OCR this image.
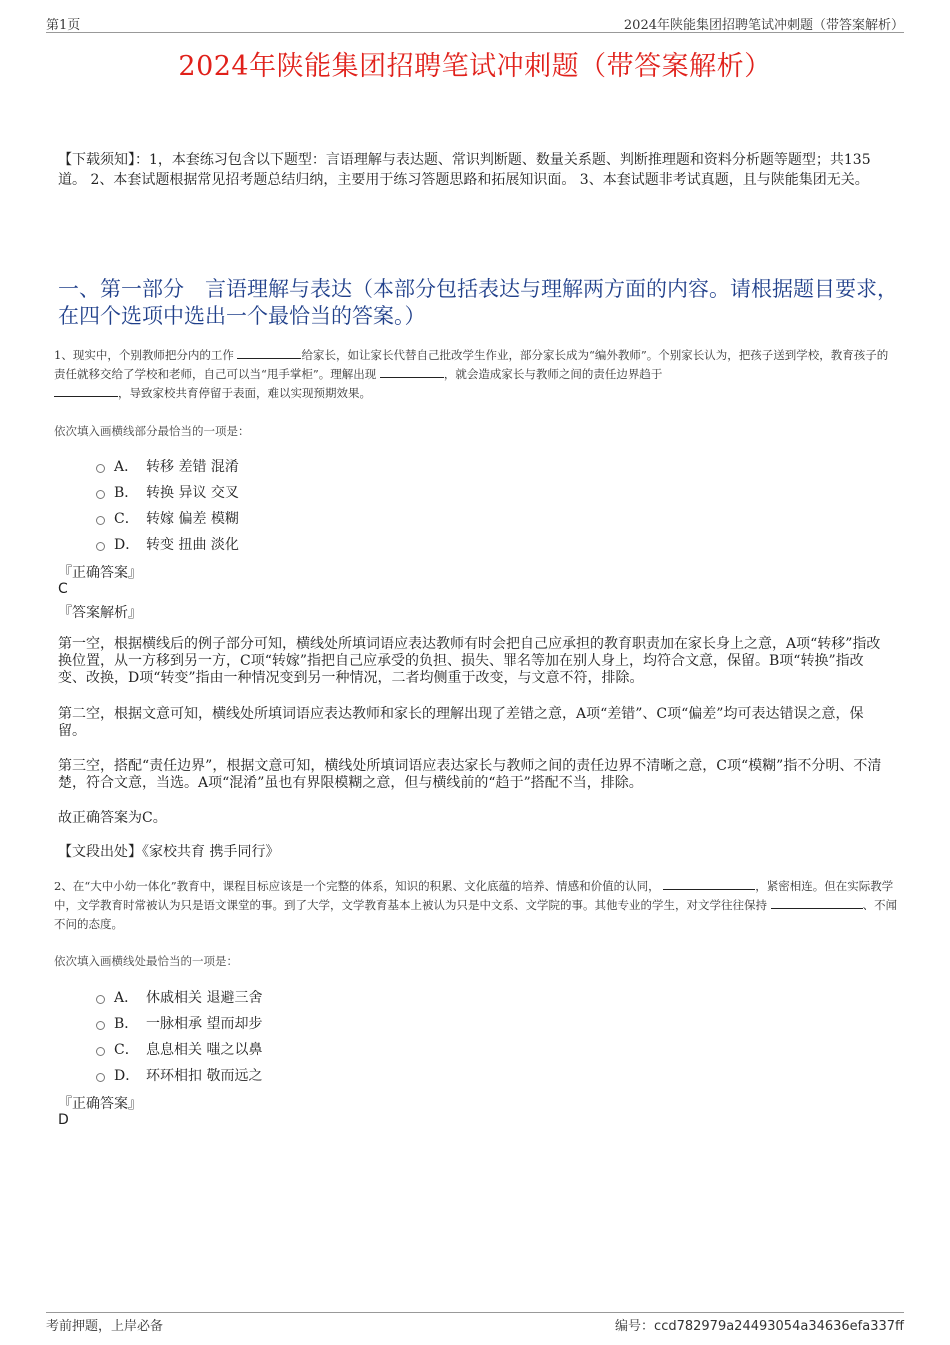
第1页	2024年陕能集团招聘笔试冲刺题（带答案解析）
2024年陕能集团招聘笔试冲刺题（带答案解析）
【下载须知】：1，本套练习包含以下题型：言语理解与表达题、常识判断题、数量关系题、判断推理题和资料分析题等题型；共135道。 2、本套试题根据常见招考题总结归纳，主要用于练习答题思路和拓展知识面。 3、本套试题非考试真题，且与陕能集团无关。
一、第一部分　言语理解与表达（本部分包括表达与理解两方面的内容。请根据题目要求，在四个选项中选出一个最恰当的答案。）
1、现实中，个别教师把分内的工作	给家长，如让家长代替自己批改学生作业，部分家长成为“编外教师”。个别家长认为，把孩子送到学校，教育孩子的责任就移交给了学校和老师，自己可以当“甩手掌柜”。理解出现	，就会造成家长与教师之间的责任边界趋于
，导致家校共育停留于表面，难以实现预期效果。
依次填入画横线部分最恰当的一项是：
A． 转移 差错 混淆
B． 转换 异议 交叉
C． 转嫁 偏差 模糊
D． 转变 扭曲 淡化
『正确答案』
C
『答案解析』
第一空，根据横线后的例子部分可知，横线处所填词语应表达教师有时会把自己应承担的教育职责加在家长身上之意，A项“转移”指改换位置，从一方移到另一方，C项“转嫁”指把自己应承受的负担、损失、罪名等加在别人身上，均符合文意，保留。B项“转换”指改变、改换，D项“转变”指由一种情况变到另一种情况，二者均侧重于改变，与文意不符，排除。
第二空，根据文意可知，横线处所填词语应表达教师和家长的理解出现了差错之意，A项“差错”、C项“偏差”均可表达错误之意，保留。
第三空，搭配“责任边界”，根据文意可知，横线处所填词语应表达家长与教师之间的责任边界不清晰之意，C项“模糊”指不分明、不清楚，符合文意，当选。A项“混淆”虽也有界限模糊之意，但与横线前的“趋于”搭配不当，排除。
故正确答案为C。
【文段出处】《家校共育 携手同行》
2、在“大中小幼一体化”教育中，课程目标应该是一个完整的体系，知识的积累、文化底蕴的培养、情感和价值的认同，	，紧密相连。但在实际教学中，文学教育时常被认为只是语文课堂的事。到了大学，文学教育基本上被认为只是中文系、文学院的事。其他专业的学生，对文学往往保持	、不闻不问的态度。
依次填入画横线处最恰当的一项是：
A． 休戚相关 退避三舍
B． 一脉相承 望而却步
C． 息息相关 嗤之以鼻
D． 环环相扣 敬而远之
『正确答案』
D
考前押题，上岸必备	编号：ccd782979a24493054a34636efa337ff
